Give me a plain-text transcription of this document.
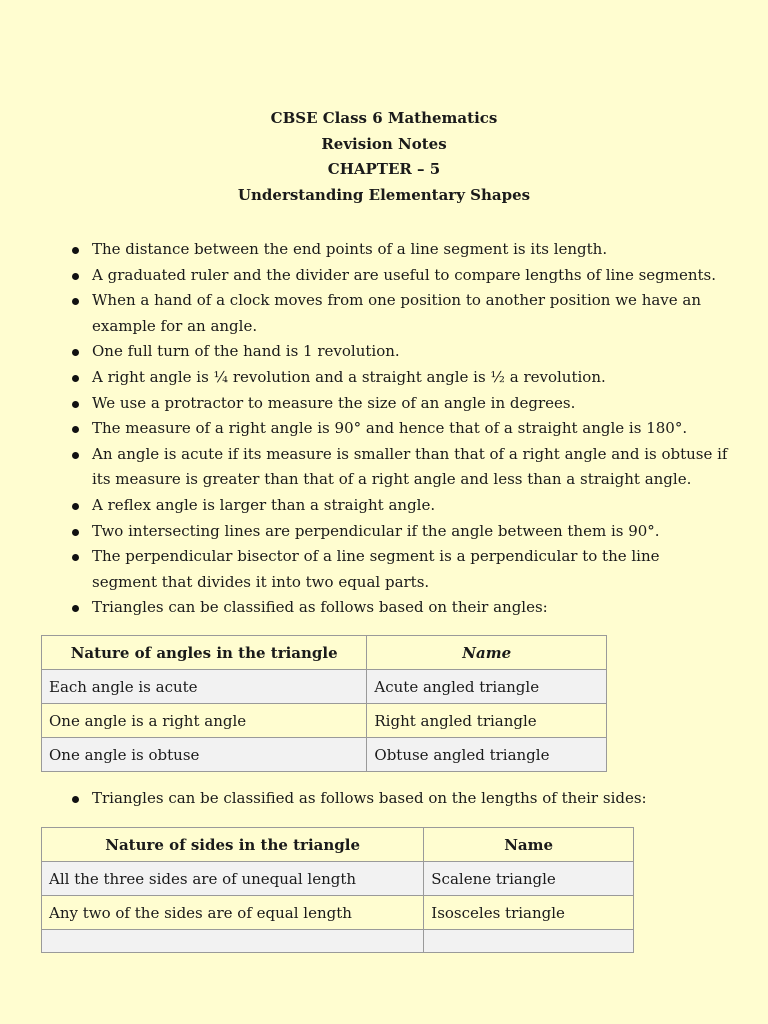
CBSE Class 6 Mathematics
Revision Notes
CHAPTER – 5
Understanding Elementary Shapes
The distance between the end points of a line segment is its length.
A graduated ruler and the divider are useful to compare lengths of line segments.
When a hand of a clock moves from one position to another position we have an example for an angle.
One full turn of the hand is 1 revolution.
A right angle is ¼ revolution and a straight angle is ½ a revolution.
We use a protractor to measure the size of an angle in degrees.
The measure of a right angle is 90° and hence that of a straight angle is 180°.
An angle is acute if its measure is smaller than that of a right angle and is obtuse if its measure is greater than that of a right angle and less than a straight angle.
A reflex angle is larger than a straight angle.
Two intersecting lines are perpendicular if the angle between them is 90°.
The perpendicular bisector of a line segment is a perpendicular to the line segment that divides it into two equal parts.
Triangles can be classified as follows based on their angles:
Nature of angles in the triangle	Name
Each angle is acute	Acute angled triangle
One angle is a right angle	Right angled triangle
One angle is obtuse	Obtuse angled triangle
Triangles can be classified as follows based on the lengths of their sides:
Nature of sides in the triangle	Name
All the three sides are of unequal length	Scalene triangle
Any two of the sides are of equal length	Isosceles triangle
